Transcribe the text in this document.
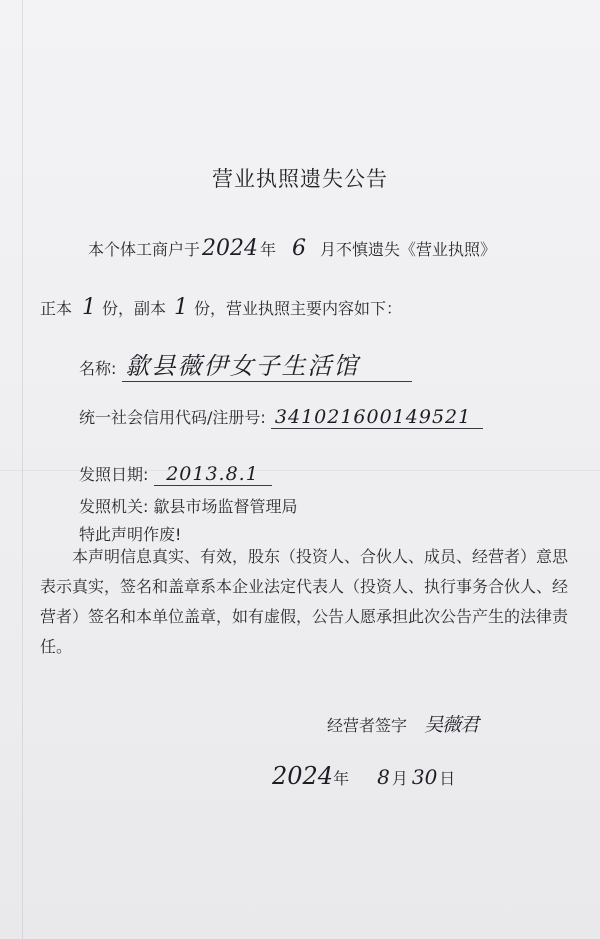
营业执照遗失公告
本个体工商户于2024 年 6 月不慎遗失《营业执照》
正本 1 份，副本 1 份，营业执照主要内容如下：
名称: 歙县薇伊女子生活馆
统一社会信用代码/注册号: 341021600149521
发照日期: 2013.8.1
发照机关: 歙县市场监督管理局
特此声明作废!
本声明信息真实、有效，股东（投资人、合伙人、成员、经营者）意思表示真实，签名和盖章系本企业法定代表人（投资人、执行事务合伙人、经营者）签名和本单位盖章，如有虚假，公告人愿承担此次公告产生的法律责任。
经营者签字 吴薇君
2024年 8 月 30 日
